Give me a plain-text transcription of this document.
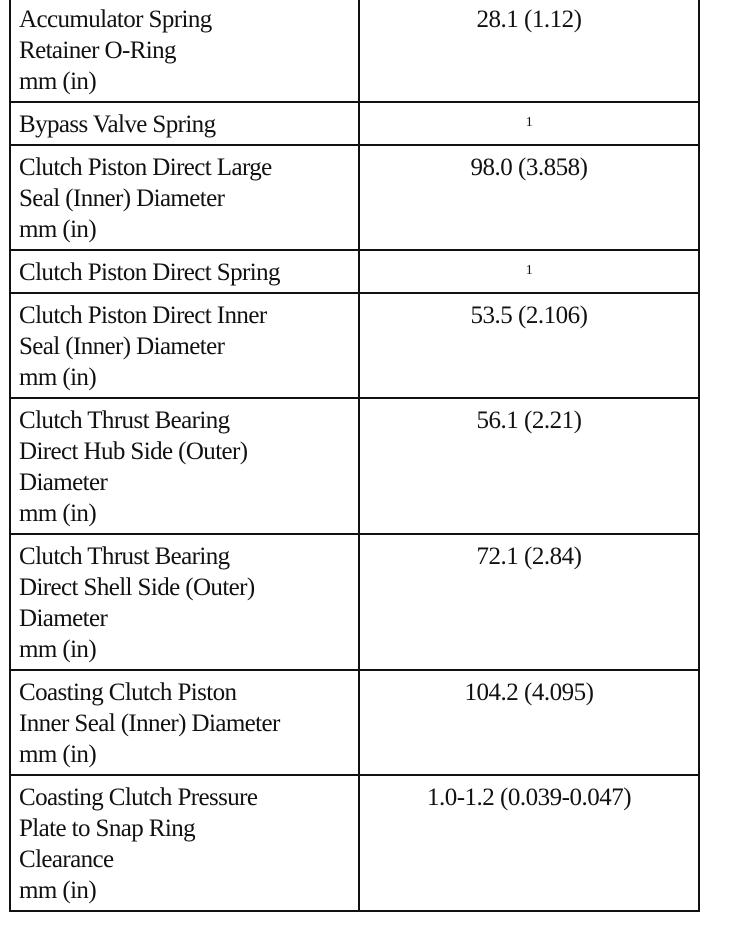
Accumulator Spring
Retainer O-Ring
mm (in)	28.1 (1.12)

Bypass Valve Spring	$^1$

Clutch Piston Direct Large
Seal (Inner) Diameter
mm (in)	98.0 (3.858)

Clutch Piston Direct Spring	$^1$

Clutch Piston Direct Inner
Seal (Inner) Diameter
mm (in)	53.5 (2.106)

Clutch Thrust Bearing
Direct Hub Side (Outer)
Diameter
mm (in)	56.1 (2.21)

Clutch Thrust Bearing
Direct Shell Side (Outer)
Diameter
mm (in)	72.1 (2.84)

Coasting Clutch Piston
Inner Seal (Inner) Diameter
mm (in)	104.2 (4.095)

Coasting Clutch Pressure
Plate to Snap Ring
Clearance
mm (in)	1.0-1.2 (0.039-0.047)
